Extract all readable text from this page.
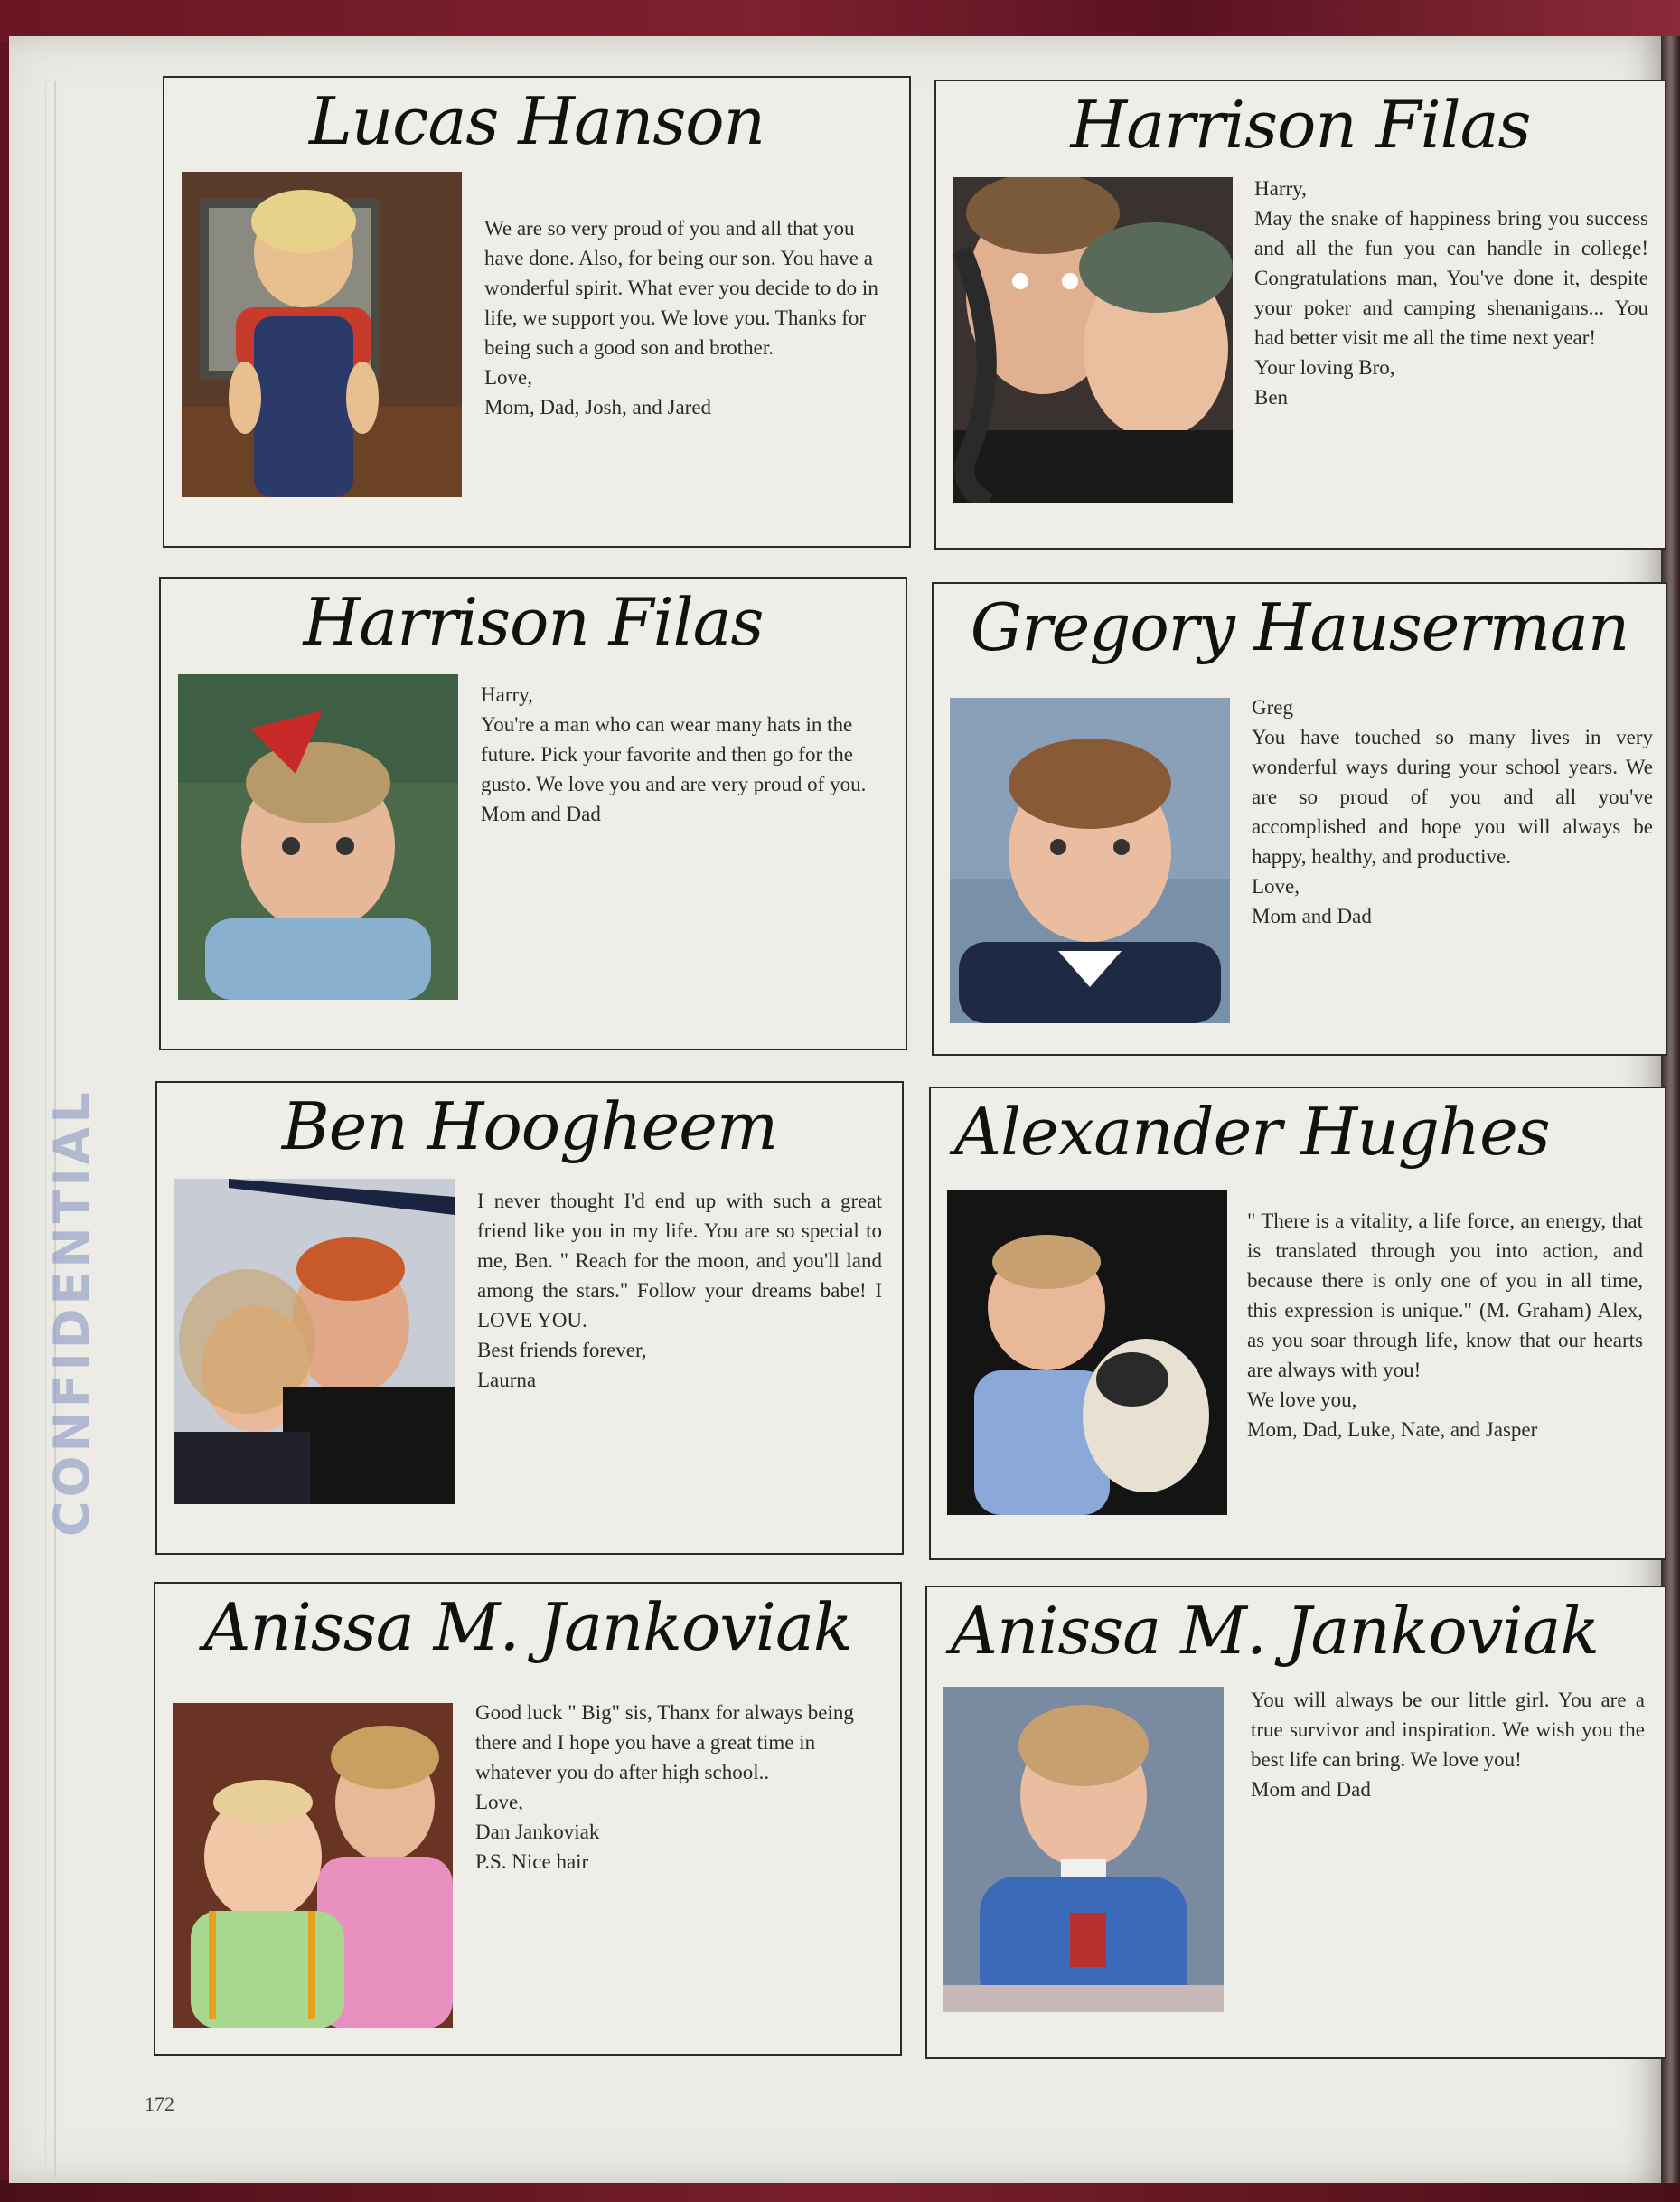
CONFIDENTIAL
Lucas Hanson
We are so very proud of you and all that you have done. Also, for being our son. You have a wonderful spirit. What ever you decide to do in life, we support you. We love you. Thanks for being such a good son and brother.
Love,
Mom, Dad, Josh, and Jared
Harrison Filas
Harry,
May the snake of happiness bring you success and all the fun you can handle in college! Congratulations man, You've done it, despite your poker and camping shenanigans... You had better visit me all the time next year!
Your loving Bro,
Ben
Harrison Filas
Harry,
You're a man who can wear many hats in the future. Pick your favorite and then go for the gusto. We love you and are very proud of you.
Mom and Dad
Gregory Hauserman
Greg
You have touched so many lives in very wonderful ways during your school years. We are so proud of you and all you've accomplished and hope you will always be happy, healthy, and productive.
Love,
Mom and Dad
Ben Hoogheem
I never thought I'd end up with such a great friend like you in my life. You are so special to me, Ben. " Reach for the moon, and you'll land among the stars." Follow your dreams babe! I LOVE YOU.
Best friends forever,
Laurna
Alexander Hughes
" There is a vitality, a life force, an energy, that is translated through you into action, and because there is only one of you in all time, this expression is unique." (M. Graham) Alex, as you soar through life, know that our hearts are always with you!
We love you,
Mom, Dad, Luke, Nate, and Jasper
Anissa M. Jankoviak
Good luck " Big" sis, Thanx for always being there and I hope you have a great time in whatever you do after high school..
Love,
Dan Jankoviak
P.S. Nice hair
Anissa M. Jankoviak
You will always be our little girl. You are a true survivor and inspiration. We wish you the best life can bring. We love you!
Mom and Dad
172
